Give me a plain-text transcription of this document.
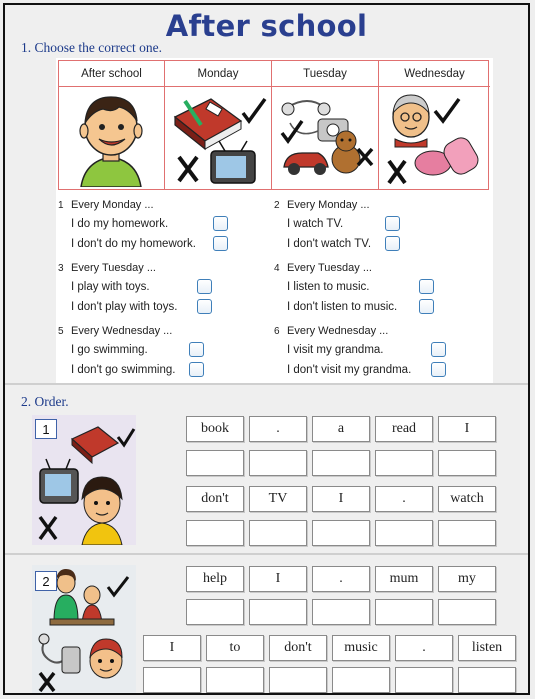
After school
1. Choose the correct one.
After school	Monday	Tuesday	Wednesday
1 Every Monday ...
I do my homework.
I don't do my homework.
2 Every Monday ...
I watch TV.
I don't watch TV.
3 Every Tuesday ...
I play with toys.
I don't play with toys.
4 Every Tuesday ...
I listen to music.
I don't listen to music.
5 Every Wednesday ...
I go swimming.
I don't go swimming.
6 Every Wednesday ...
I visit my grandma.
I don't visit my grandma.
2. Order.
1	book	.	a	read	I
don't	TV	I	.	watch
2	help	I	.	mum	my
I	to	don't	music	.	listen
